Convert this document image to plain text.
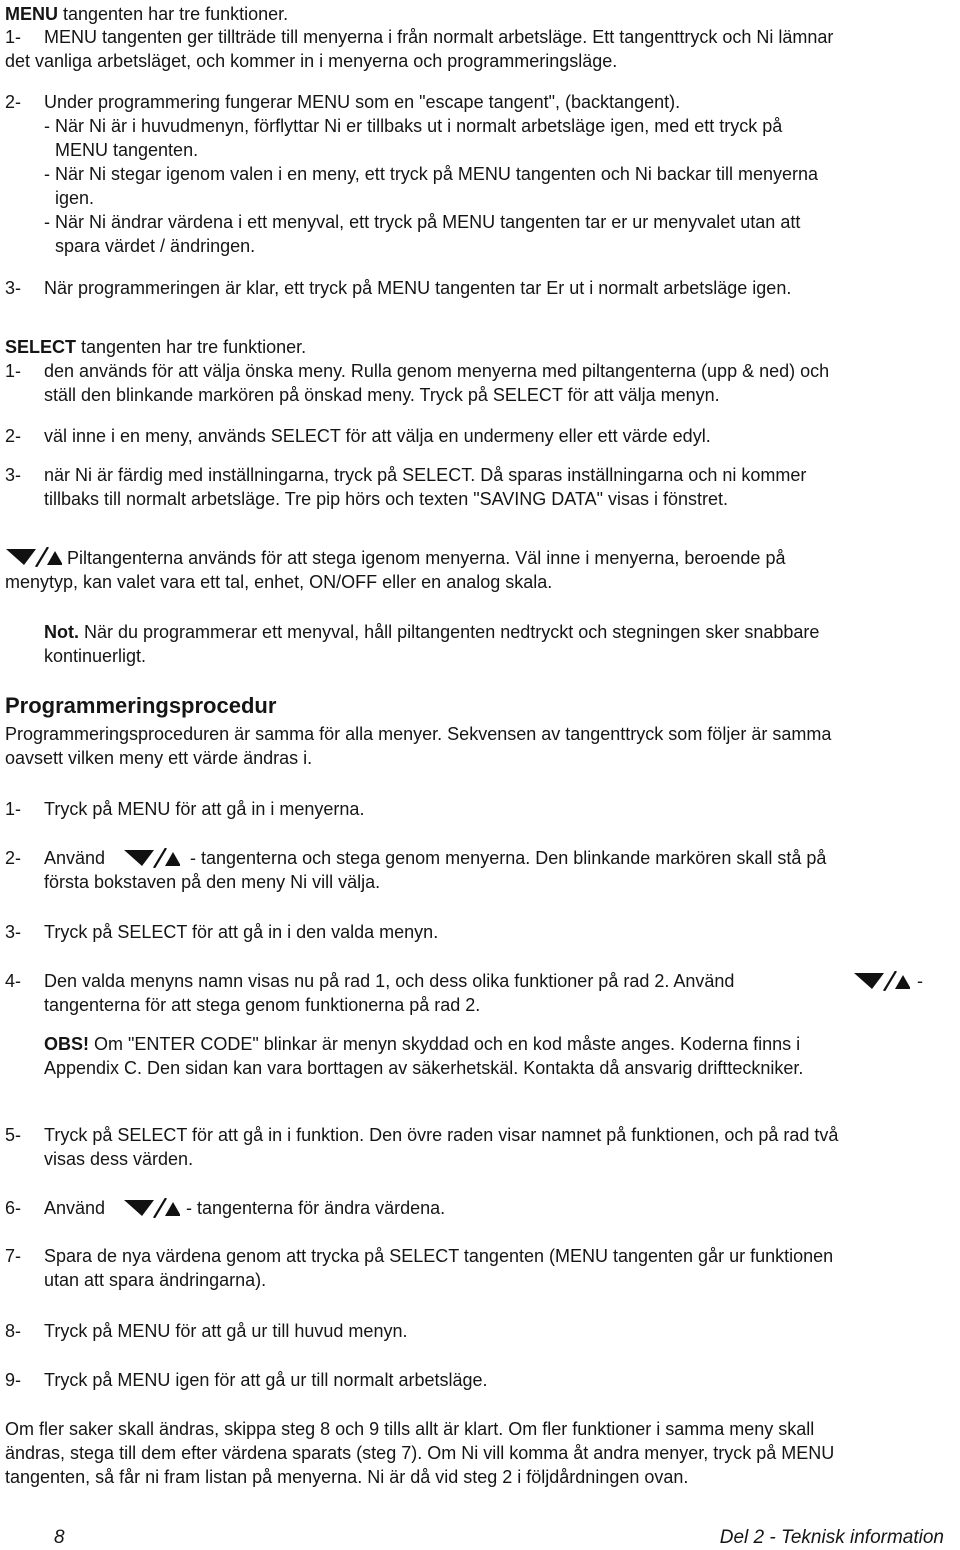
MENU tangenten har tre funktioner.
1- MENU tangenten ger tillträde till menyerna i från normalt arbetsläge. Ett tangenttryck och Ni lämnar
det vanliga arbetsläget, och kommer in i menyerna och programmeringsläge.
2- Under programmering fungerar MENU som en "escape tangent", (backtangent).
- När Ni är i huvudmenyn, förflyttar Ni er tillbaks ut i normalt arbetsläge igen, med ett tryck på
MENU tangenten.
- När Ni stegar igenom valen i en meny, ett tryck på MENU tangenten och Ni backar till menyerna
igen.
- När Ni ändrar värdena i ett menyval, ett tryck på MENU tangenten tar er ur menyvalet utan att
spara värdet / ändringen.
3- När programmeringen är klar, ett tryck på MENU tangenten tar Er ut i normalt arbetsläge igen.
SELECT tangenten har tre funktioner.
1- den används för att välja önska meny. Rulla genom menyerna med piltangenterna (upp & ned) och
ställ den blinkande markören på önskad meny. Tryck på SELECT för att välja menyn.
2- väl inne i en meny, används SELECT för att välja en undermeny eller ett värde edyl.
3- när Ni är färdig med inställningarna, tryck på SELECT. Då sparas inställningarna och ni kommer
tillbaks till normalt arbetsläge. Tre pip hörs och texten "SAVING DATA" visas i fönstret.
Piltangenterna används för att stega igenom menyerna. Väl inne i menyerna, beroende på
menytyp, kan valet vara ett tal, enhet, ON/OFF eller en analog skala.
Not. När du programmerar ett menyval, håll piltangenten nedtryckt och stegningen sker snabbare
kontinuerligt.
Programmeringsprocedur
Programmeringsproceduren är samma för alla menyer. Sekvensen av tangenttryck som följer är samma
oavsett vilken meny ett värde ändras i.
1- Tryck på MENU för att gå in i menyerna.
2- Använd	- tangenterna och stega genom menyerna. Den blinkande markören skall stå på
första bokstaven på den meny Ni vill välja.
3- Tryck på SELECT för att gå in i den valda menyn.
4- Den valda menyns namn visas nu på rad 1, och dess olika funktioner på rad 2. Använd	-
tangenterna för att stega genom funktionerna på rad 2.
OBS! Om "ENTER CODE" blinkar är menyn skyddad och en kod måste anges. Koderna finns i
Appendix C. Den sidan kan vara borttagen av säkerhetskäl. Kontakta då ansvarig driftteckniker.
5- Tryck på SELECT för att gå in i funktion. Den övre raden visar namnet på funktionen, och på rad två
visas dess värden.
6- Använd	- tangenterna för ändra värdena.
7- Spara de nya värdena genom att trycka på SELECT tangenten (MENU tangenten går ur funktionen
utan att spara ändringarna).
8- Tryck på MENU för att gå ur till huvud menyn.
9- Tryck på MENU igen för att gå ur till normalt arbetsläge.
Om fler saker skall ändras, skippa steg 8 och 9 tills allt är klart. Om fler funktioner i samma meny skall
ändras, stega till dem efter värdena sparats (steg 7). Om Ni vill komma åt andra menyer, tryck på MENU
tangenten, så får ni fram listan på menyerna. Ni är då vid steg 2 i följdårdningen ovan.
8	Del 2 - Teknisk information
